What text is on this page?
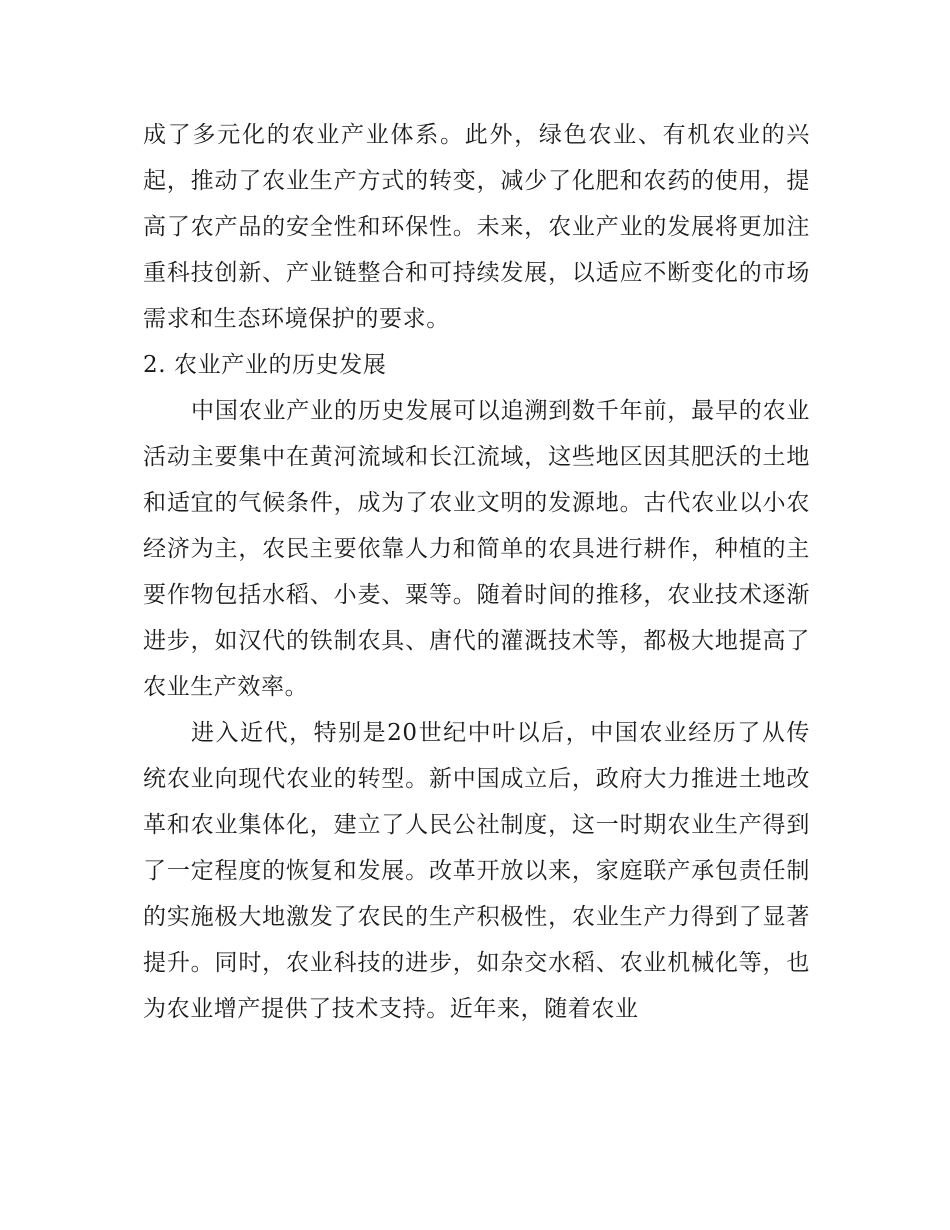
成了多元化的农业产业体系。此外，绿色农业、有机农业的兴起，推动了农业生产方式的转变，减少了化肥和农药的使用，提高了农产品的安全性和环保性。未来，农业产业的发展将更加注重科技创新、产业链整合和可持续发展，以适应不断变化的市场需求和生态环境保护的要求。

2. 农业产业的历史发展

中国农业产业的历史发展可以追溯到数千年前，最早的农业活动主要集中在黄河流域和长江流域，这些地区因其肥沃的土地和适宜的气候条件，成为了农业文明的发源地。古代农业以小农经济为主，农民主要依靠人力和简单的农具进行耕作，种植的主要作物包括水稻、小麦、粟等。随着时间的推移，农业技术逐渐进步，如汉代的铁制农具、唐代的灌溉技术等，都极大地提高了农业生产效率。

进入近代，特别是20世纪中叶以后，中国农业经历了从传统农业向现代农业的转型。新中国成立后，政府大力推进土地改革和农业集体化，建立了人民公社制度，这一时期农业生产得到了一定程度的恢复和发展。改革开放以来，家庭联产承包责任制的实施极大地激发了农民的生产积极性，农业生产力得到了显著提升。同时，农业科技的进步，如杂交水稻、农业机械化等，也为农业增产提供了技术支持。近年来，随着农业
